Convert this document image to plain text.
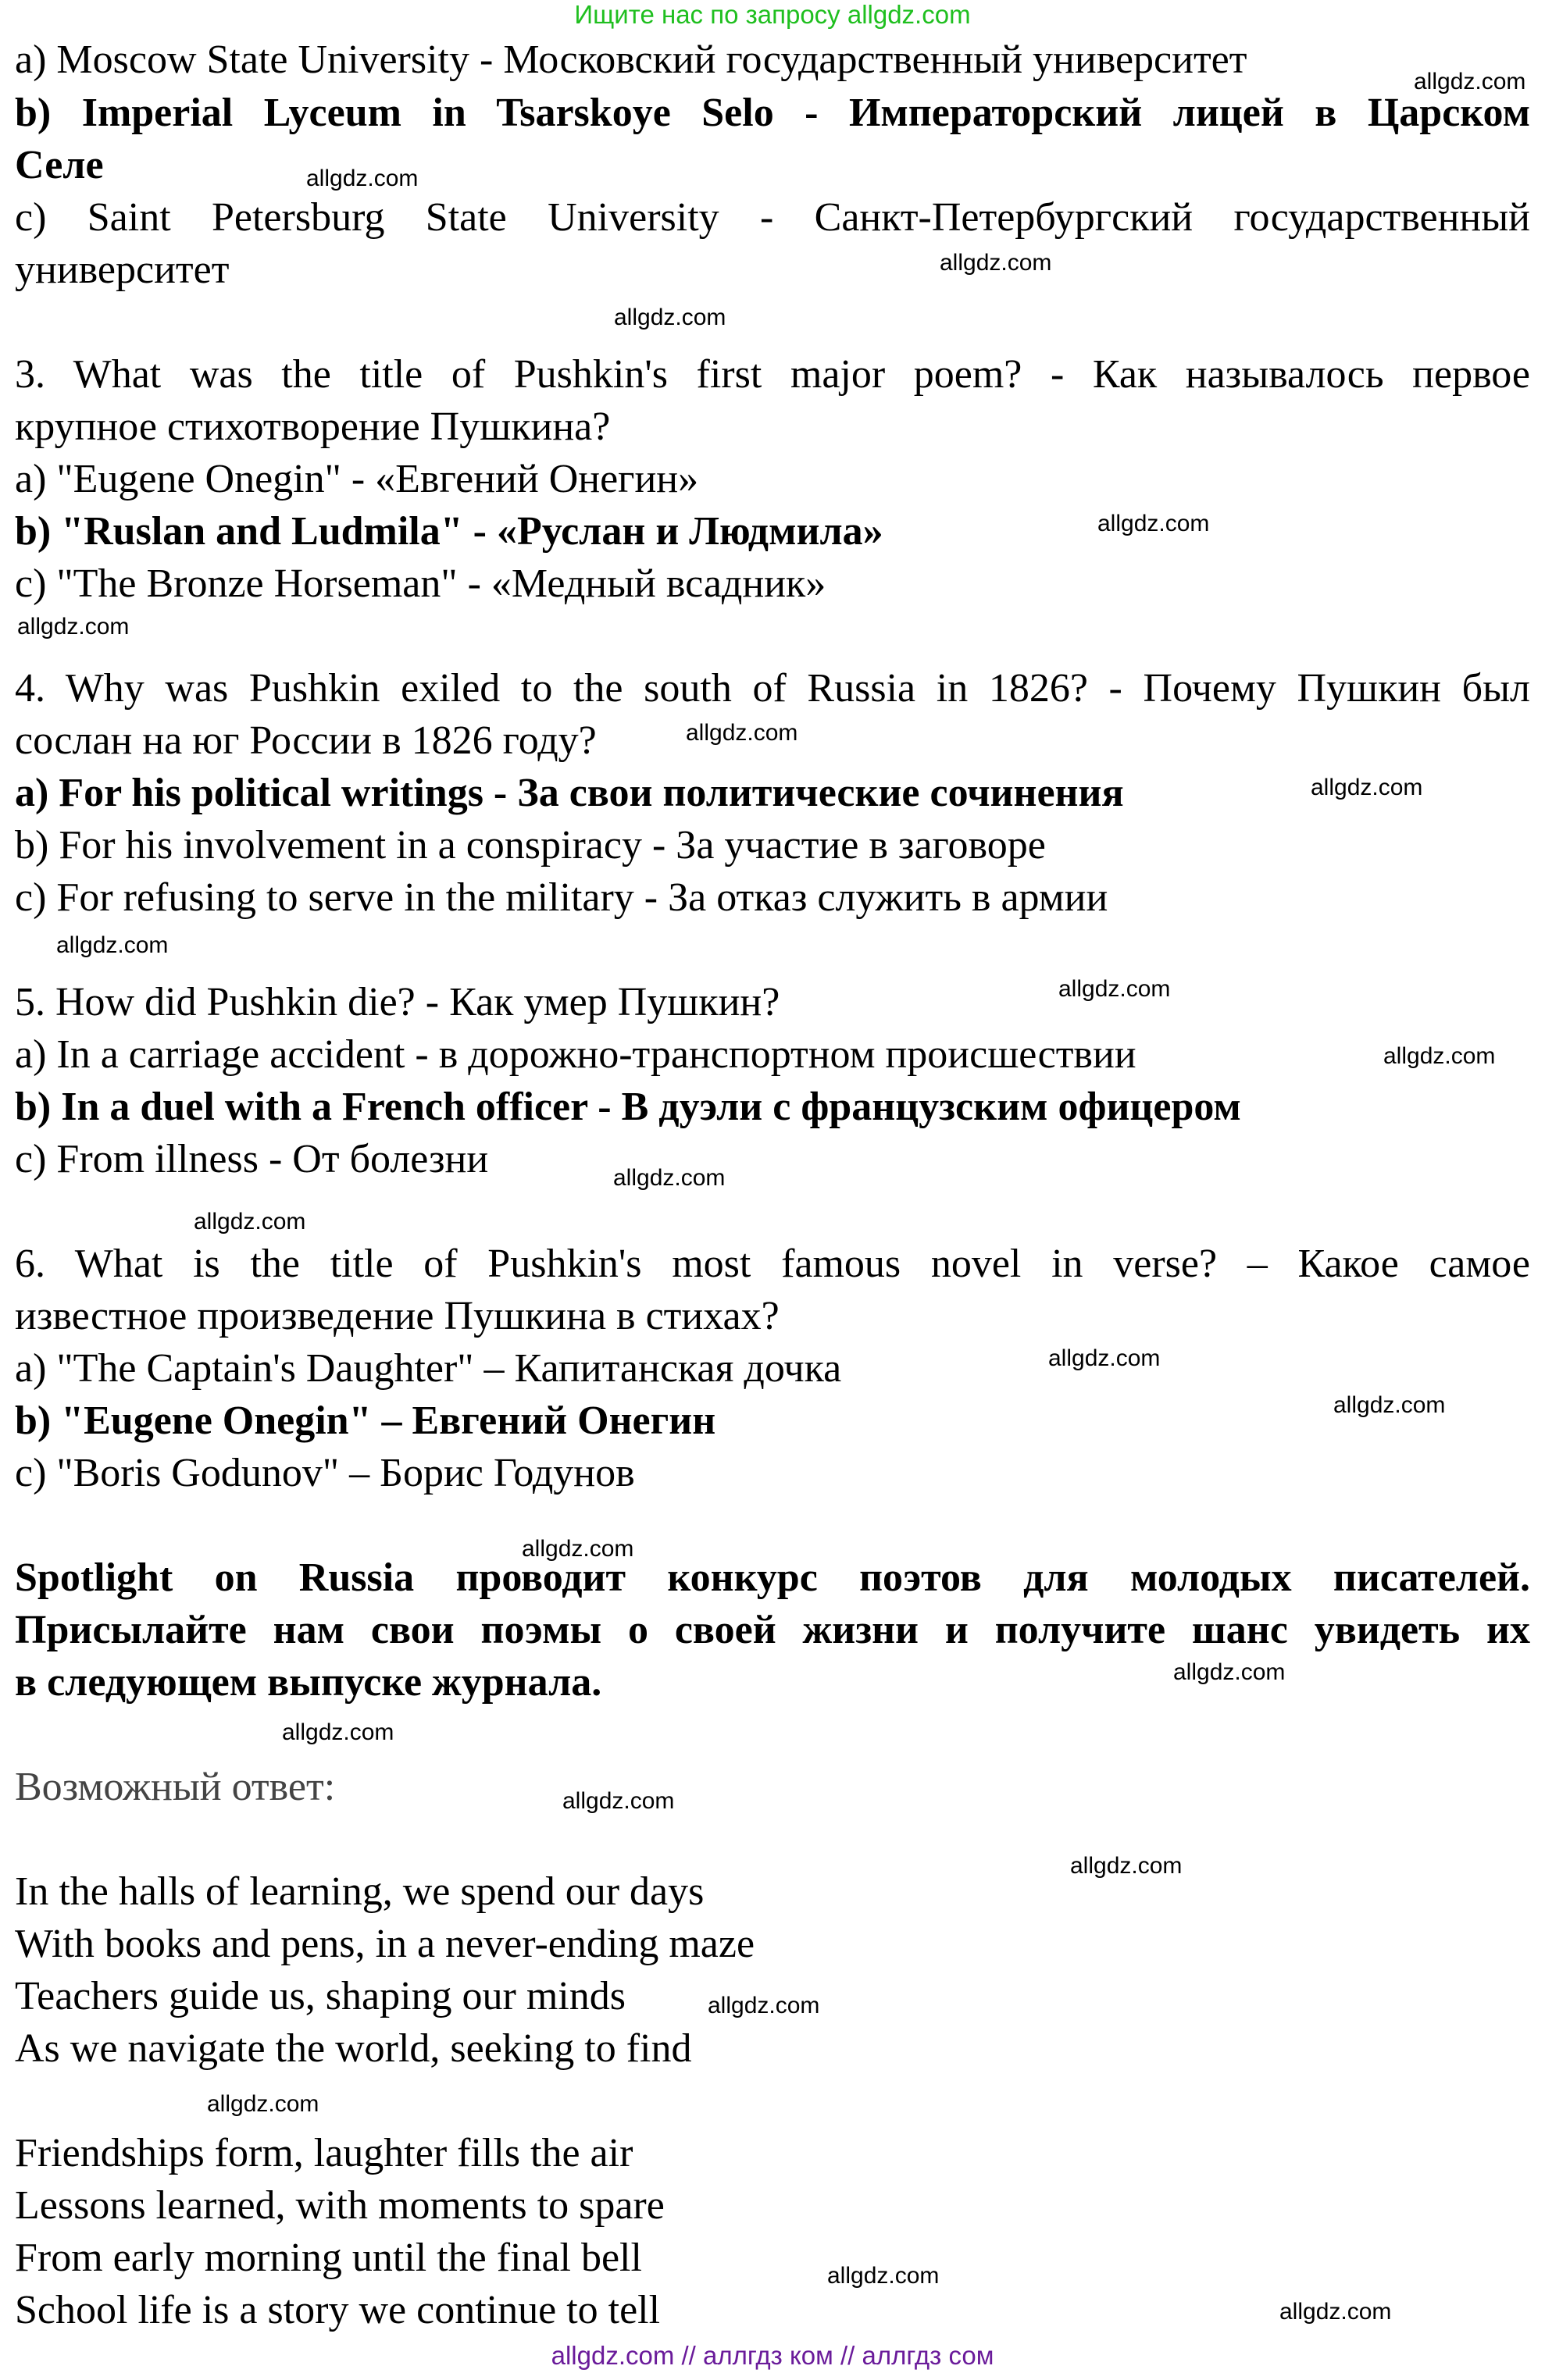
Ищите нас по запросу allgdz.com
a) Moscow State University - Московский государственный университет
b) Imperial Lyceum in Tsarskoye Selo - Императорский лицей в Царском
Селе
c) Saint Petersburg State University - Санкт-Петербургский государственный
университет
3. What was the title of Pushkin's first major poem? - Как называлось первое
крупное стихотворение Пушкина?
a) "Eugene Onegin" - «Евгений Онегин»
b) "Ruslan and Ludmila" - «Руслан и Людмила»
c) "The Bronze Horseman" - «Медный всадник»
4. Why was Pushkin exiled to the south of Russia in 1826? - Почему Пушкин был
сослан на юг России в 1826 году?
a) For his political writings - За свои политические сочинения
b) For his involvement in a conspiracy - За участие в заговоре
c) For refusing to serve in the military - За отказ служить в армии
5. How did Pushkin die? - Как умер Пушкин?
a) In a carriage accident - в дорожно-транспортном происшествии
b) In a duel with a French officer - В дуэли с французским офицером
c) From illness - От болезни
6. What is the title of Pushkin's most famous novel in verse? – Какое самое
известное произведение Пушкина в стихах?
a) "The Captain's Daughter" – Капитанская дочка
b) "Eugene Onegin" – Евгений Онегин
c) "Boris Godunov" – Борис Годунов
Spotlight on Russia проводит конкурс поэтов для молодых писателей.
Присылайте нам свои поэмы о своей жизни и получите шанс увидеть их
в следующем выпуске журнала.
Возможный ответ:
In the halls of learning, we spend our days
With books and pens, in a never-ending maze
Teachers guide us, shaping our minds
As we navigate the world, seeking to find
Friendships form, laughter fills the air
Lessons learned, with moments to spare
From early morning until the final bell
School life is a story we continue to tell
allgdz.com
allgdz.com
allgdz.com
allgdz.com
allgdz.com
allgdz.com
allgdz.com
allgdz.com
allgdz.com
allgdz.com
allgdz.com
allgdz.com
allgdz.com
allgdz.com
allgdz.com
allgdz.com
allgdz.com
allgdz.com
allgdz.com
allgdz.com
allgdz.com
allgdz.com
allgdz.com
allgdz.com
allgdz.com // аллгдз ком // аллгдз сом
